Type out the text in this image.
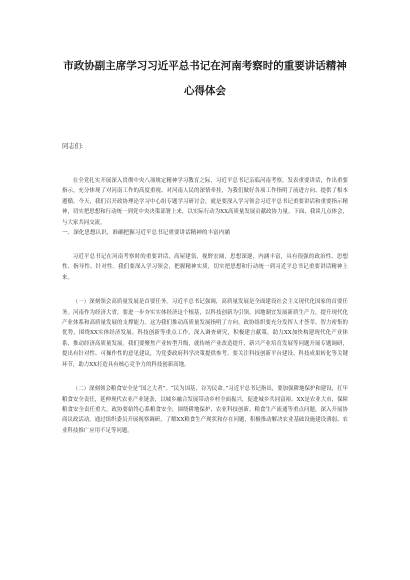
市政协副主席学习习近平总书记在河南考察时的重要讲话精神
心得体会
同志们:

在全党扎实开展深入贯彻中央八项规定精神学习教育之际，习近平总书记亲临河南考察，发表重要讲话，作出重要指示，充分体现了对河南工作的高度重视、对河南人民的深情牵挂，为我们做好各项工作指明了前进方向、提供了根本遵循。今天，我们召开政协理论学习中心组专题学习研讨会，就是要深入学习领会习近平总书记重要讲话和重要指示精神，切实把思想和行动统一到党中央决策部署上来，以实际行动为XX高质量发展贡献政协力量。下面，我谈几点体会，与大家共同交流。

一、深化思想认识，准确把握习近平总书记重要讲话精神的丰富内涵

习近平总书记在河南考察时的重要讲话，高屋建瓴、视野宏阔，思想深邃、内涵丰富，具有很强的政治性、思想性、指导性、针对性。我们要深入学习领会，把握精神实质，切实把思想和行动统一到习近平总书记重要讲话精神上来。

（一）深刻领会高质量发展是首要任务。习近平总书记强调，高质量发展是全面建设社会主义现代化国家的首要任务。河南作为经济大省，要进一步夯实实体经济这个根基，以科技创新为引领，因地制宜发展新质生产力，提升现代化产业体系和高质量发展的支撑能力。这为我们推动高质量发展指明了方向。政协组织要充分发挥人才荟萃、智力密集的优势，围绕XX实体经济发展、科技创新等重点工作，深入调查研究，积极建言献策，助力XX加快构建现代化产业体系，推动经济高质量发展。我们要聚焦产业转型升级，就传统产业改造提升、新兴产业培育发展等问题开展专题调研，提出有针对性、可操作性的意见建议，为党委政府科学决策提供参考。要关注科技创新平台建设、科技成果转化等关键环节，助力XX打造具有核心竞争力的科技创新高地。

（二）深刻领会粮食安全是“国之大者”。“民为国基，谷为民命。”习近平总书记指出，要加强耕地保护和建设，扛牢粮食安全责任，延伸现代农业产业链条，以城乡融合发展带动乡村全面振兴，促进城乡共同富裕。XX是农业大市，保障粮食安全责任重大。政协要始终心系粮食安全，围绕耕地保护、农业科技创新、粮食生产流通等重点问题，深入开展协商议政活动。通过组织委员开展视察调研，了解XX粮食生产现状和存在问题，积极推动解决农业基础设施建设薄弱、农业科技推广应用不足等问题。
